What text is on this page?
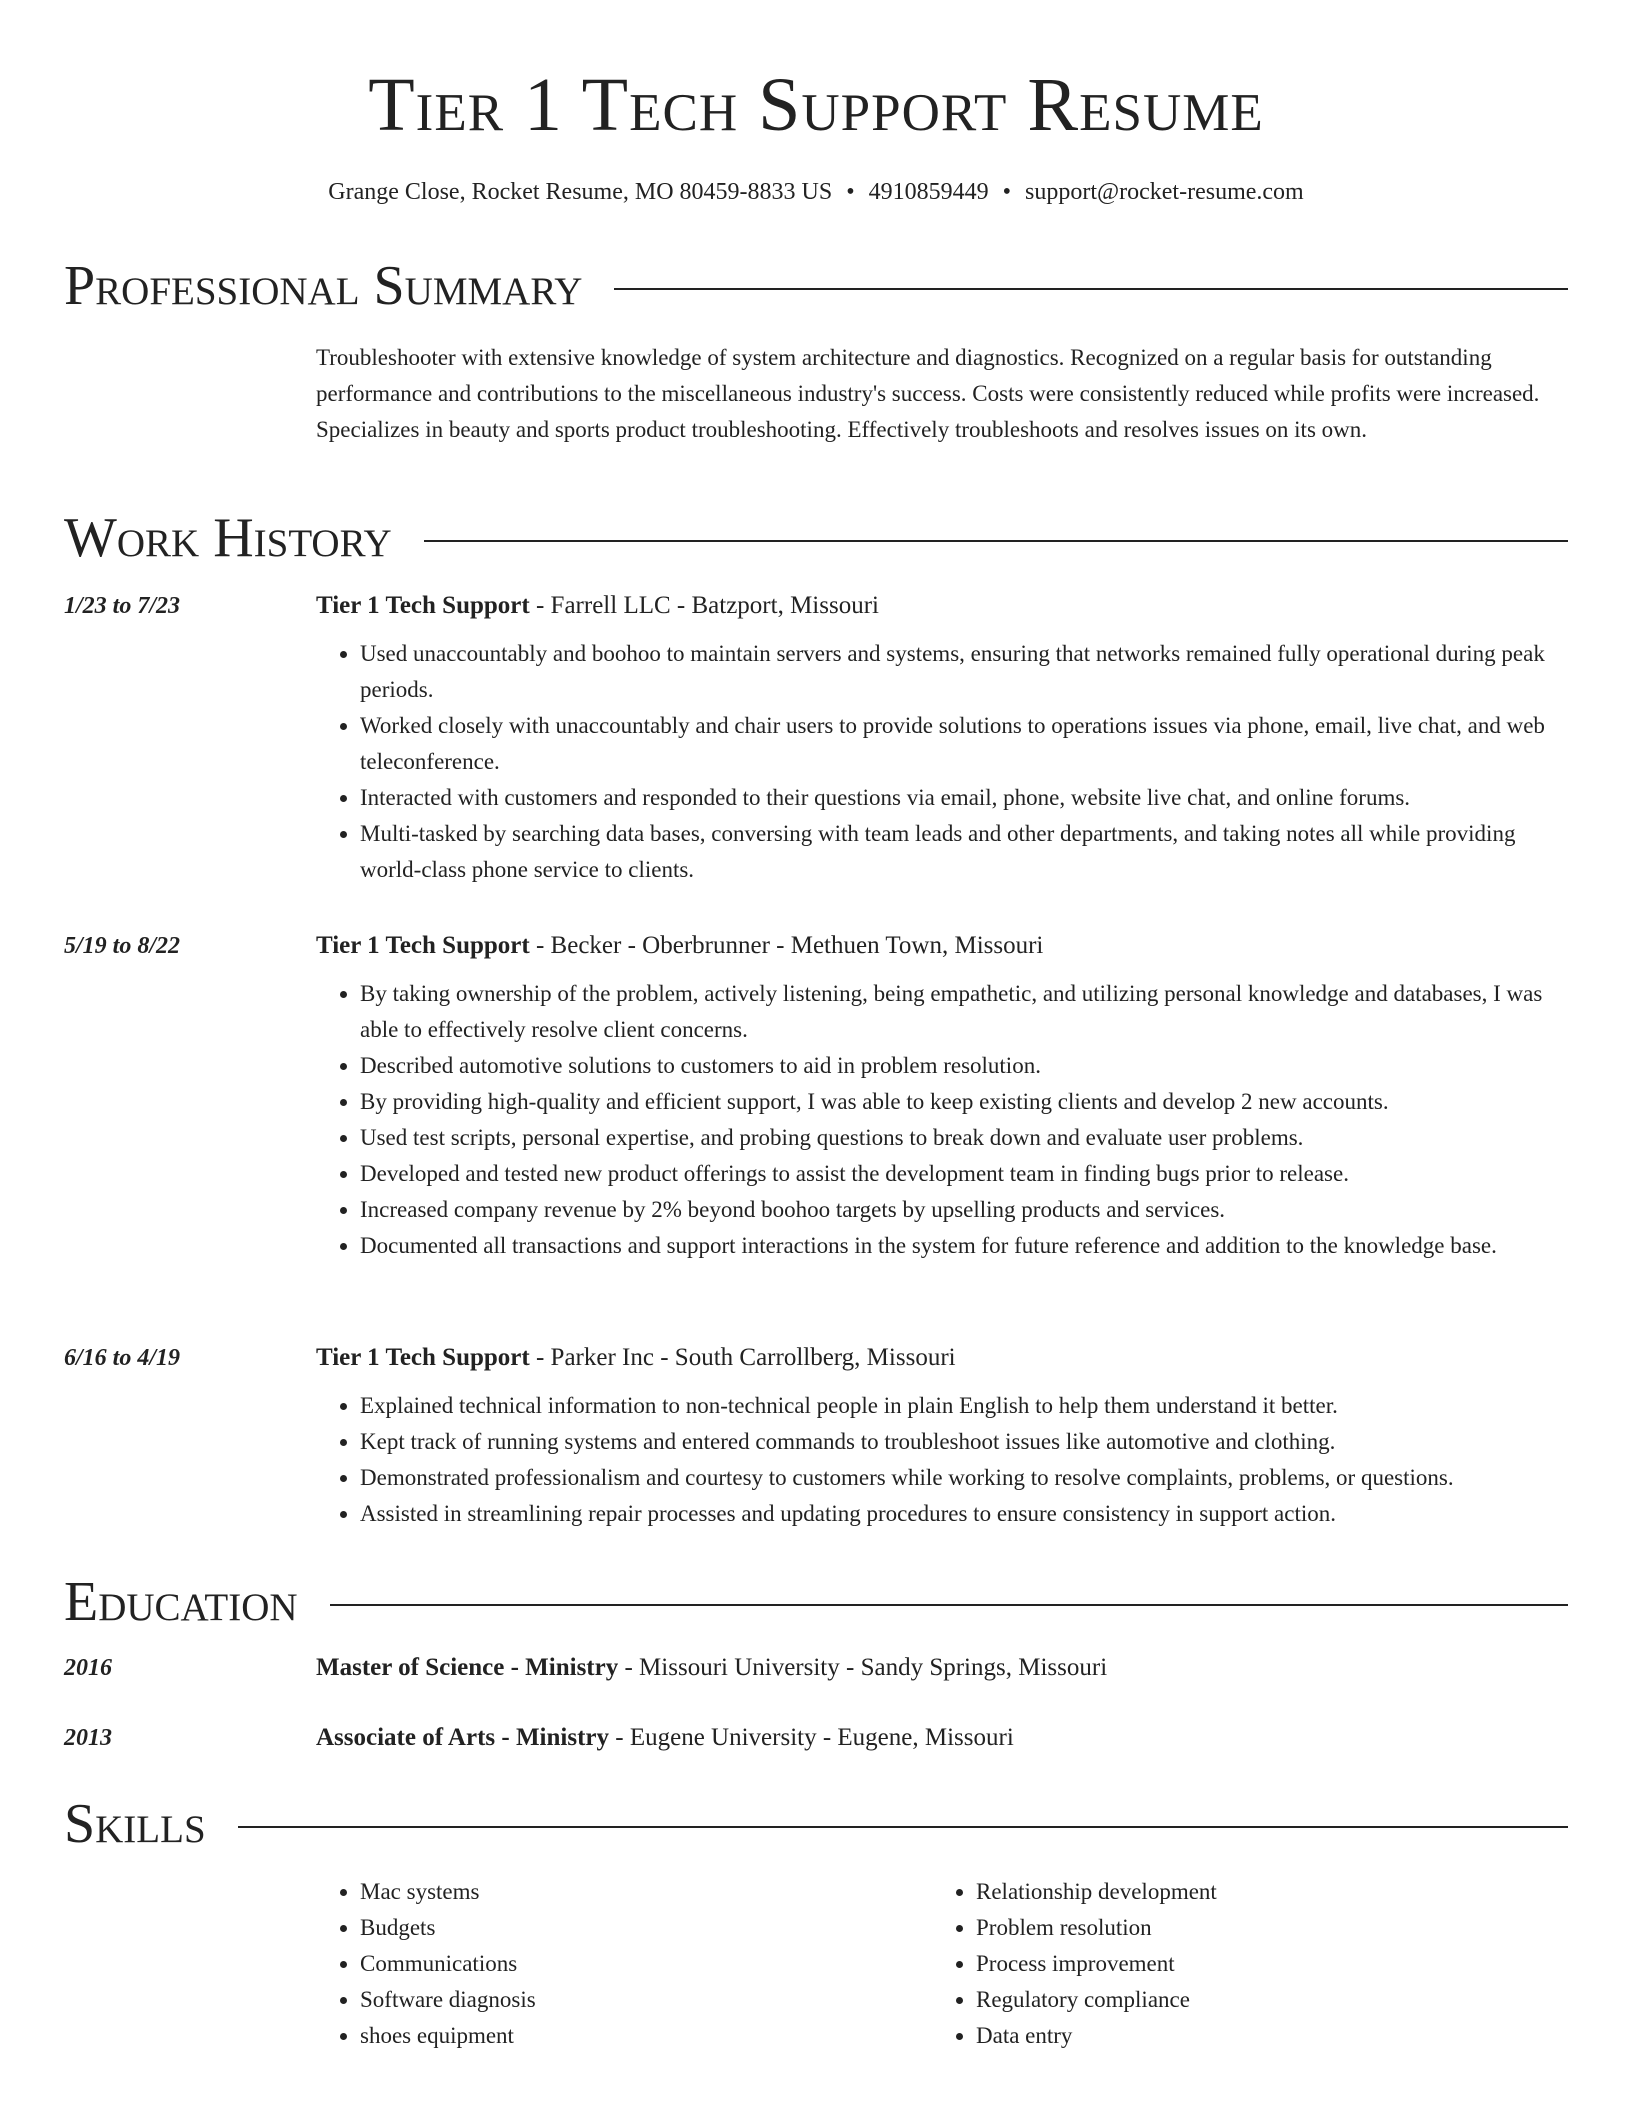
Tier 1 Tech Support Resume
Grange Close, Rocket Resume, MO 80459-8833 US • 4910859449 • support@rocket-resume.com
Professional Summary

Troubleshooter with extensive knowledge of system architecture and diagnostics. Recognized on a regular basis for outstanding performance and contributions to the miscellaneous industry's success. Costs were consistently reduced while profits were increased. Specializes in beauty and sports product troubleshooting. Effectively troubleshoots and resolves issues on its own.

Work History
1/23 to 7/23	Tier 1 Tech Support - Farrell LLC - Batzport, Missouri
• Used unaccountably and boohoo to maintain servers and systems, ensuring that networks remained fully operational during peak periods.
• Worked closely with unaccountably and chair users to provide solutions to operations issues via phone, email, live chat, and web teleconference.
• Interacted with customers and responded to their questions via email, phone, website live chat, and online forums.
• Multi-tasked by searching data bases, conversing with team leads and other departments, and taking notes all while providing world-class phone service to clients.
5/19 to 8/22	Tier 1 Tech Support - Becker - Oberbrunner - Methuen Town, Missouri
• By taking ownership of the problem, actively listening, being empathetic, and utilizing personal knowledge and databases, I was able to effectively resolve client concerns.
• Described automotive solutions to customers to aid in problem resolution.
• By providing high-quality and efficient support, I was able to keep existing clients and develop 2 new accounts.
• Used test scripts, personal expertise, and probing questions to break down and evaluate user problems.
• Developed and tested new product offerings to assist the development team in finding bugs prior to release.
• Increased company revenue by 2% beyond boohoo targets by upselling products and services.
• Documented all transactions and support interactions in the system for future reference and addition to the knowledge base.
6/16 to 4/19	Tier 1 Tech Support - Parker Inc - South Carrollberg, Missouri
• Explained technical information to non-technical people in plain English to help them understand it better.
• Kept track of running systems and entered commands to troubleshoot issues like automotive and clothing.
• Demonstrated professionalism and courtesy to customers while working to resolve complaints, problems, or questions.
• Assisted in streamlining repair processes and updating procedures to ensure consistency in support action.
Education
2016	Master of Science - Ministry - Missouri University - Sandy Springs, Missouri
2013	Associate of Arts - Ministry - Eugene University - Eugene, Missouri
Skills
• Mac systems
• Budgets
• Communications
• Software diagnosis
• shoes equipment
• Relationship development
• Problem resolution
• Process improvement
• Regulatory compliance
• Data entry
